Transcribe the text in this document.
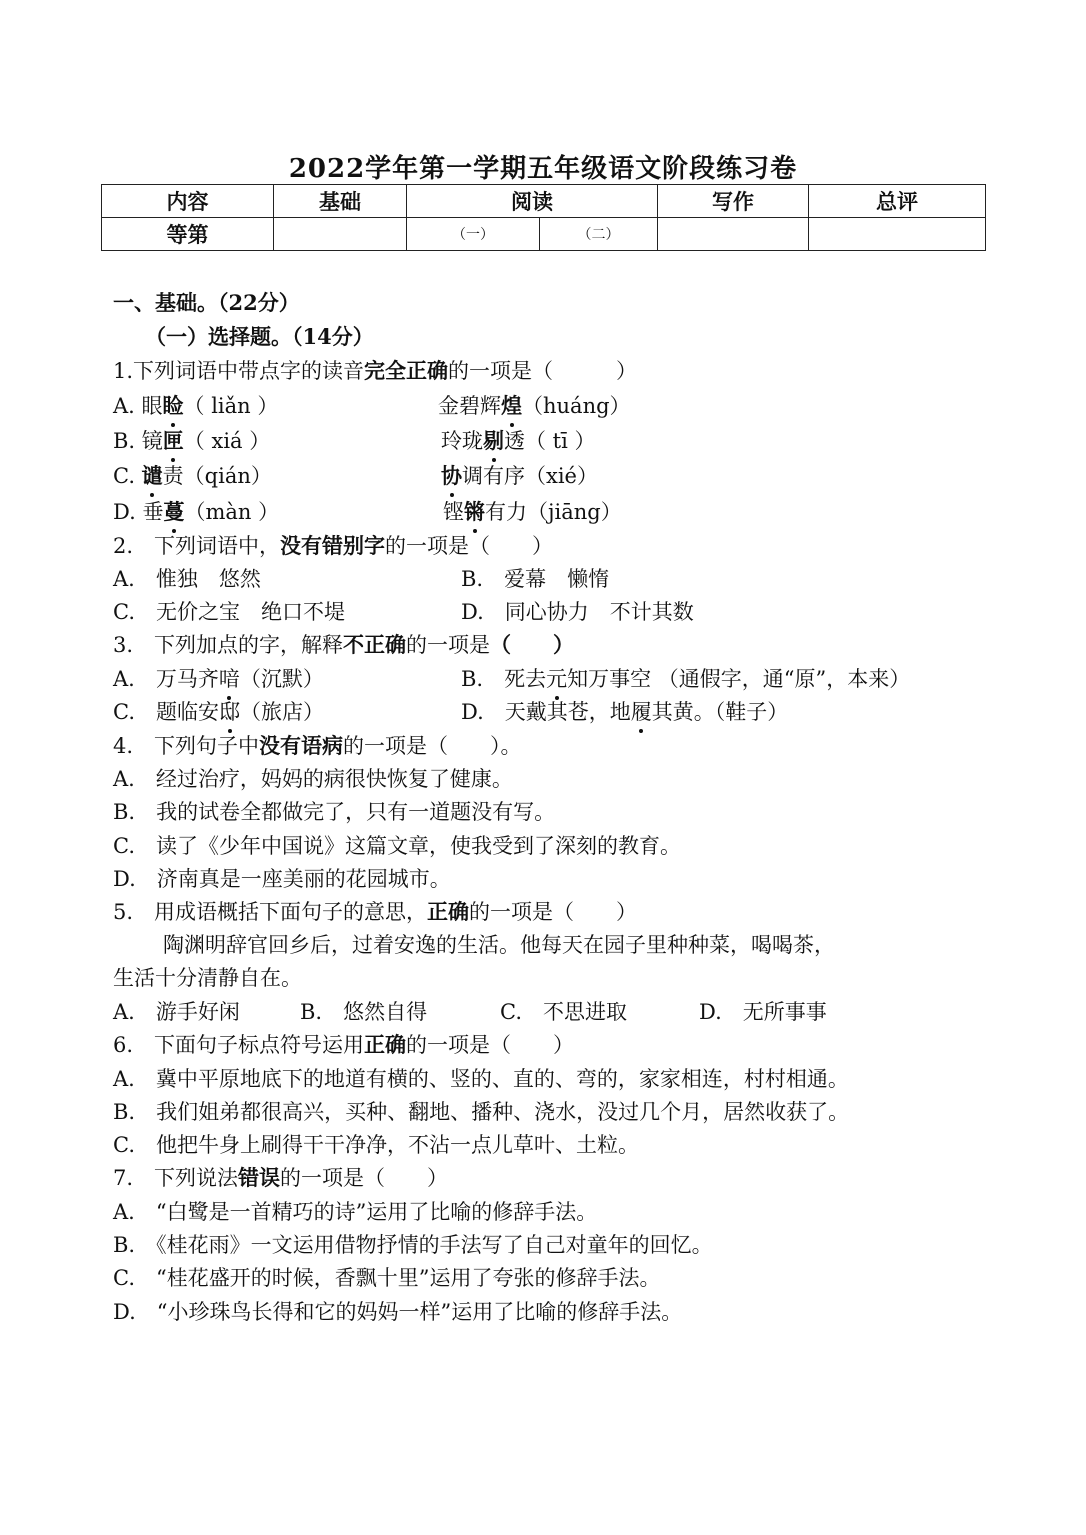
2022学年第一学期五年级语文阶段练习卷
内容	基础	阅读		写作	总评
等第		（一）	（二）		
一、基础。（22分）
（一）选择题。（14分）
1.下列词语中带点字的读音完全正确的一项是（　　　）
A. 眼睑（ liǎn ）	金碧辉煌（huáng）
B. 镜匣（ xiá ）	玲珑剔透（ tī ）
C. 谴责（qián）	协调有序（xié）
D. 垂蔓（màn ）	铿锵有力（jiāng）
2.　下列词语中，没有错别字的一项是（　　）
A.　惟独　悠然	B.　爱幕　懒惰
C.　无价之宝　绝口不堤	D.　同心协力　不计其数
3.　下列加点的字，解释不正确的一项是（　　）
A.　万马齐喑（沉默）	B.　死去元知万事空 （通假字，通“原”，本来）
C.　题临安邸（旅店）	D.　天戴其苍，地履其黄。（鞋子）
4.　下列句子中没有语病的一项是（　　）。
A.　经过治疗，妈妈的病很快恢复了健康。
B.　我的试卷全都做完了，只有一道题没有写。
C.　读了《少年中国说》这篇文章，使我受到了深刻的教育。
D.　济南真是一座美丽的花园城市。
5.　用成语概括下面句子的意思，正确的一项是（　　）
陶渊明辞官回乡后，过着安逸的生活。他每天在园子里种种菜，喝喝茶，
生活十分清静自在。
A.　游手好闲	B.　悠然自得	C.　不思进取	D.　无所事事
6.　下面句子标点符号运用正确的一项是（　　）
A.　冀中平原地底下的地道有横的、竖的、直的、弯的，家家相连，村村相通。
B.　我们姐弟都很高兴，买种、翻地、播种、浇水，没过几个月，居然收获了。
C.　他把牛身上刷得干干净净，不沾一点儿草叶、土粒。
7.　下列说法错误的一项是（　　）
A.　“白鹭是一首精巧的诗”运用了比喻的修辞手法。
B.　《桂花雨》一文运用借物抒情的手法写了自己对童年的回忆。
C.　“桂花盛开的时候，香飘十里”运用了夸张的修辞手法。
D.　“小珍珠鸟长得和它的妈妈一样”运用了比喻的修辞手法。
